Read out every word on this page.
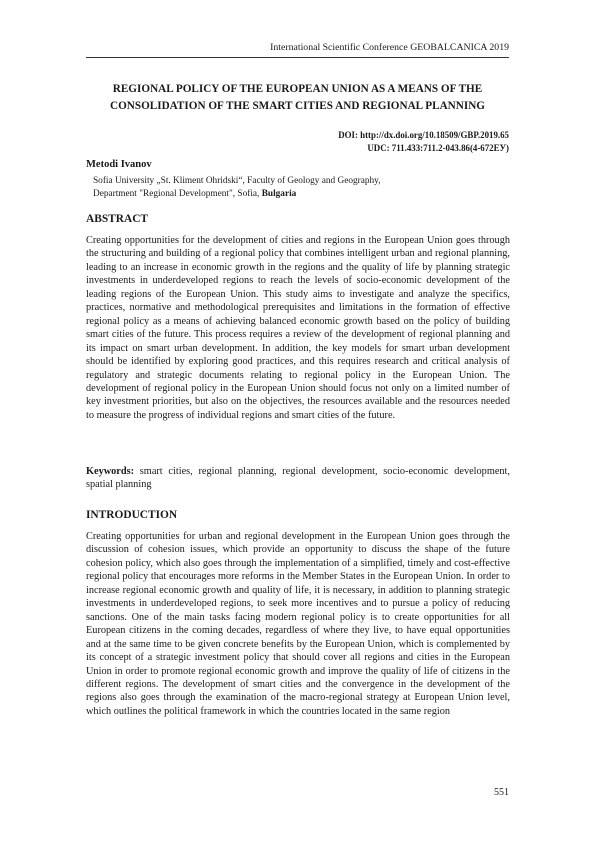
International Scientific Conference GEOBALCANICA 2019
REGIONAL POLICY OF THE EUROPEAN UNION AS A MEANS OF THE CONSOLIDATION OF THE SMART CITIES AND REGIONAL PLANNING
DOI: http://dx.doi.org/10.18509/GBP.2019.65
UDC: 711.433:711.2-043.86(4-672ЕУ)
Metodi Ivanov
Sofia University „St. Kliment Ohridski“, Faculty of Geology and Geography,
Department "Regional Development", Sofia, Bulgaria
ABSTRACT

Creating opportunities for the development of cities and regions in the European Union goes through the structuring and building of a regional policy that combines intelligent urban and regional planning, leading to an increase in economic growth in the regions and the quality of life by planning strategic investments in underdeveloped regions to reach the levels of socio-economic development of the leading regions of the European Union. This study aims to investigate and analyze the specifics, practices, normative and methodological prerequisites and limitations in the formation of effective regional policy as a means of achieving balanced economic growth based on the policy of building smart cities of the future. This process requires a review of the development of regional planning and its impact on smart urban development. In addition, the key models for smart urban development should be identified by exploring good practices, and this requires research and critical analysis of regulatory and strategic documents relating to regional policy in the European Union. The development of regional policy in the European Union should focus not only on a limited number of key investment priorities, but also on the objectives, the resources available and the resources needed to measure the progress of individual regions and smart cities of the future.

Keywords: smart cities, regional planning, regional development, socio-economic development, spatial planning

INTRODUCTION

Creating opportunities for urban and regional development in the European Union goes through the discussion of cohesion issues, which provide an opportunity to discuss the shape of the future cohesion policy, which also goes through the implementation of a simplified, timely and cost-effective regional policy that encourages more reforms in the Member States in the European Union. In order to increase regional economic growth and quality of life, it is necessary, in addition to planning strategic investments in underdeveloped regions, to seek more incentives and to pursue a policy of reducing sanctions. One of the main tasks facing modern regional policy is to create opportunities for all European citizens in the coming decades, regardless of where they live, to have equal opportunities and at the same time to be given concrete benefits by the European Union, which is complemented by its concept of a strategic investment policy that should cover all regions and cities in the European Union in order to promote regional economic growth and improve the quality of life of citizens in the different regions. The development of smart cities and the convergence in the development of the regions also goes through the examination of the macro-regional strategy at European Union level, which outlines the political framework in which the countries located in the same region

551
